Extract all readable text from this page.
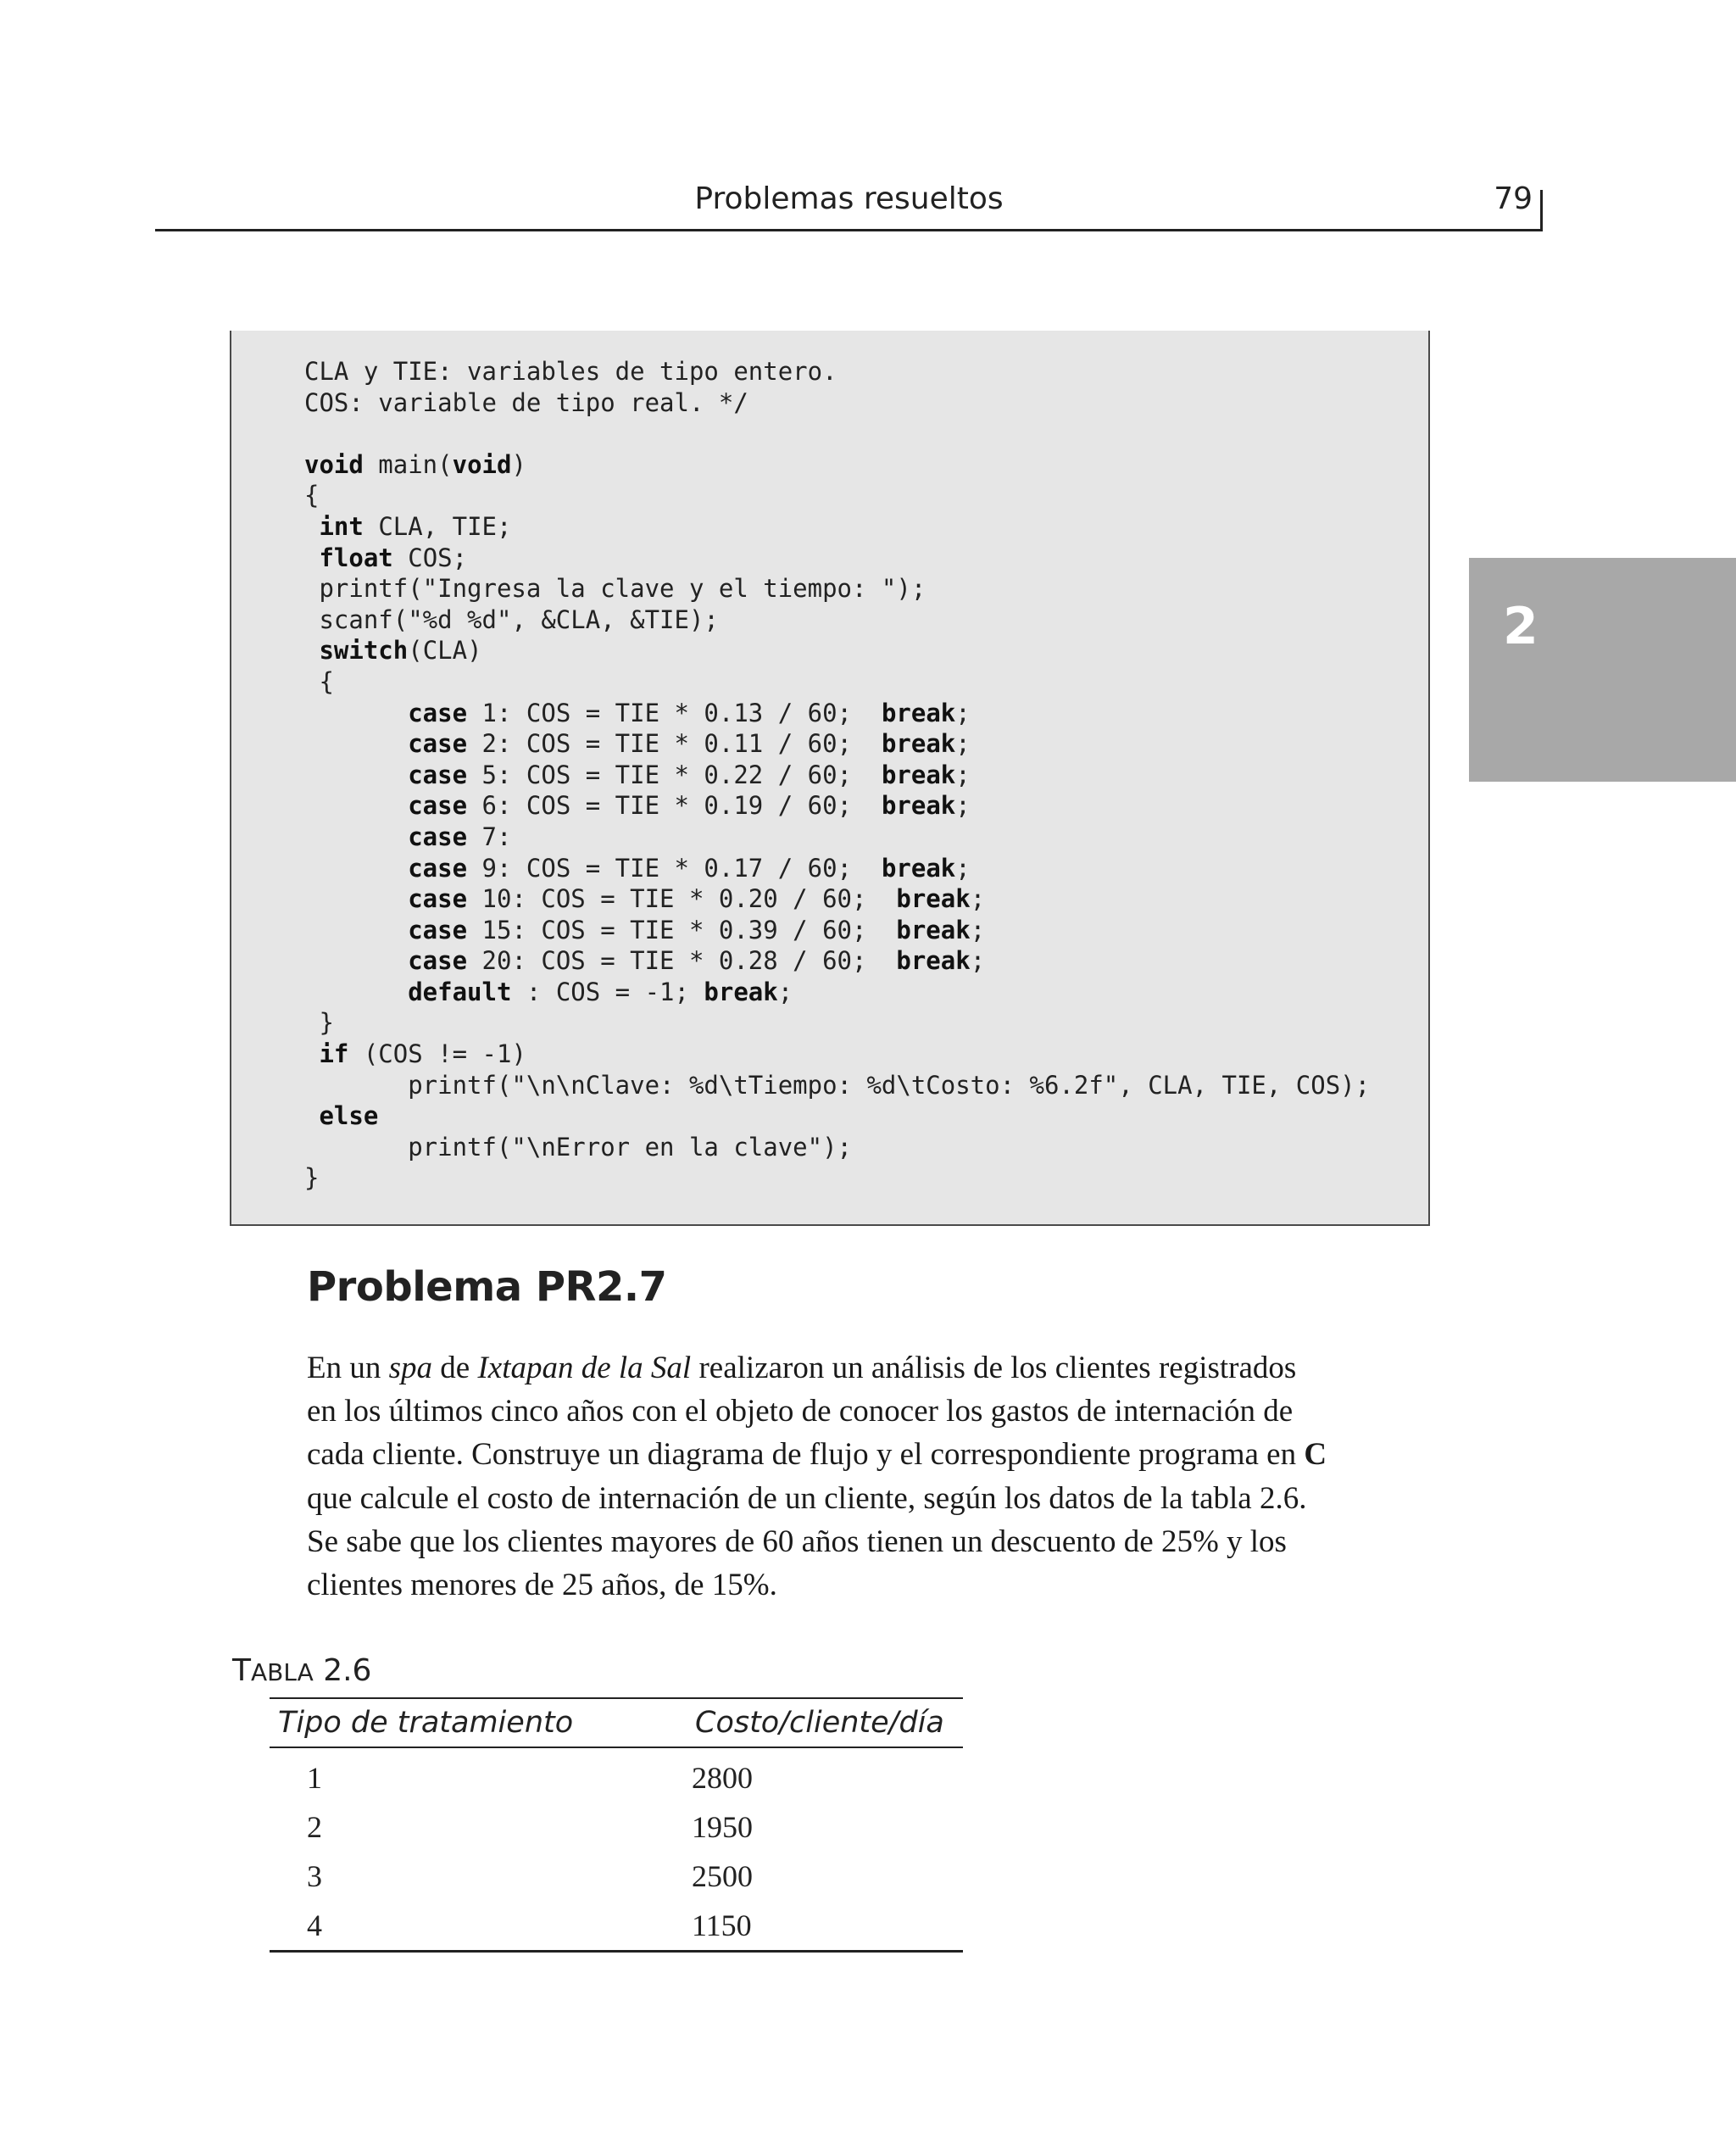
Problemas resueltos	79
2
CLA y TIE: variables de tipo entero.
COS: variable de tipo real. */
void main(void)
{
int CLA, TIE;
float COS;
printf("Ingresa la clave y el tiempo: ");
scanf("%d %d", &CLA, &TIE);
switch(CLA)
{
case 1: COS = TIE * 0.13 / 60;  break;
case 2: COS = TIE * 0.11 / 60;  break;
case 5: COS = TIE * 0.22 / 60;  break;
case 6: COS = TIE * 0.19 / 60;  break;
case 7:
case 9: COS = TIE * 0.17 / 60;  break;
case 10: COS = TIE * 0.20 / 60;  break;
case 15: COS = TIE * 0.39 / 60;  break;
case 20: COS = TIE * 0.28 / 60;  break;
default : COS = -1; break;
}
if (COS != -1)
printf("\n\nClave: %d\tTiempo: %d\tCosto: %6.2f", CLA, TIE, COS);
else
printf("\nError en la clave");
}
Problema PR2.7
En un spa de Ixtapan de la Sal realizaron un análisis de los clientes registrados
en los últimos cinco años con el objeto de conocer los gastos de internación de
cada cliente. Construye un diagrama de flujo y el correspondiente programa en C
que calcule el costo de internación de un cliente, según los datos de la tabla 2.6.
Se sabe que los clientes mayores de 60 años tienen un descuento de 25% y los
clientes menores de 25 años, de 15%.
TABLA 2.6
Tipo de tratamiento	Costo/cliente/día
1	2800
2	1950
3	2500
4	1150
